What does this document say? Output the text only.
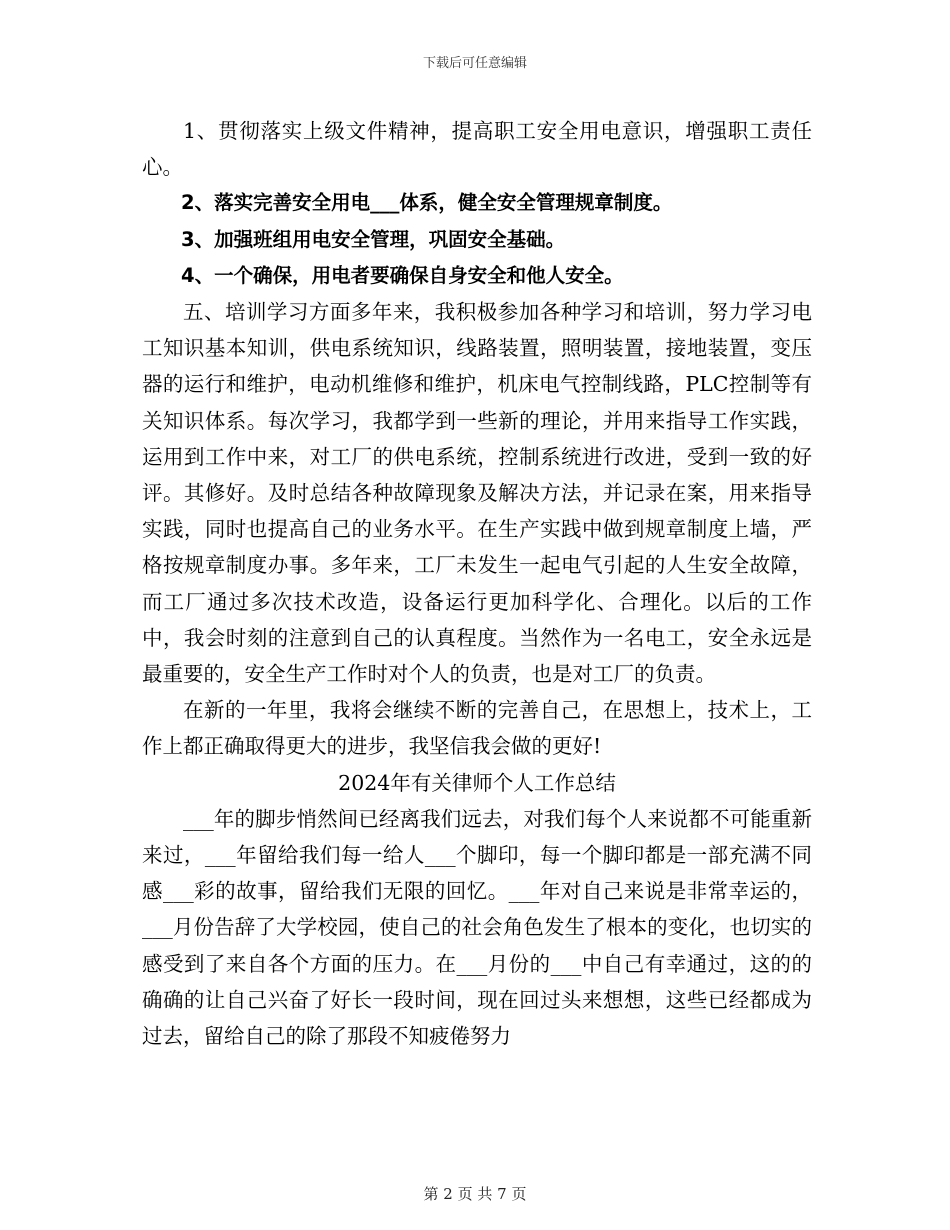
下载后可任意编辑

1、贯彻落实上级文件精神，提高职工安全用电意识，增强职工责任心。

2、落实完善安全用电___体系，健全安全管理规章制度。

3、加强班组用电安全管理，巩固安全基础。

4、一个确保，用电者要确保自身安全和他人安全。

五、培训学习方面多年来，我积极参加各种学习和培训，努力学习电工知识基本知训，供电系统知识，线路装置，照明装置，接地装置，变压器的运行和维护，电动机维修和维护，机床电气控制线路，PLC控制等有关知识体系。每次学习，我都学到一些新的理论，并用来指导工作实践，运用到工作中来，对工厂的供电系统，控制系统进行改进，受到一致的好评。其修好。及时总结各种故障现象及解决方法，并记录在案，用来指导实践，同时也提高自己的业务水平。在生产实践中做到规章制度上墙，严格按规章制度办事。多年来，工厂未发生一起电气引起的人生安全故障，而工厂通过多次技术改造，设备运行更加科学化、合理化。以后的工作中，我会时刻的注意到自己的认真程度。当然作为一名电工，安全永远是最重要的，安全生产工作时对个人的负责，也是对工厂的负责。

在新的一年里，我将会继续不断的完善自己，在思想上，技术上，工作上都正确取得更大的进步，我坚信我会做的更好!

2024年有关律师个人工作总结

___年的脚步悄然间已经离我们远去，对我们每个人来说都不可能重新来过，___年留给我们每一给人___个脚印，每一个脚印都是一部充满不同感___彩的故事，留给我们无限的回忆。___年对自己来说是非常幸运的，___月份告辞了大学校园，使自己的社会角色发生了根本的变化，也切实的感受到了来自各个方面的压力。在___月份的___中自己有幸通过，这的的确确的让自己兴奋了好长一段时间，现在回过头来想想，这些已经都成为过去，留给自己的除了那段不知疲倦努力

第 2 页 共 7 页
